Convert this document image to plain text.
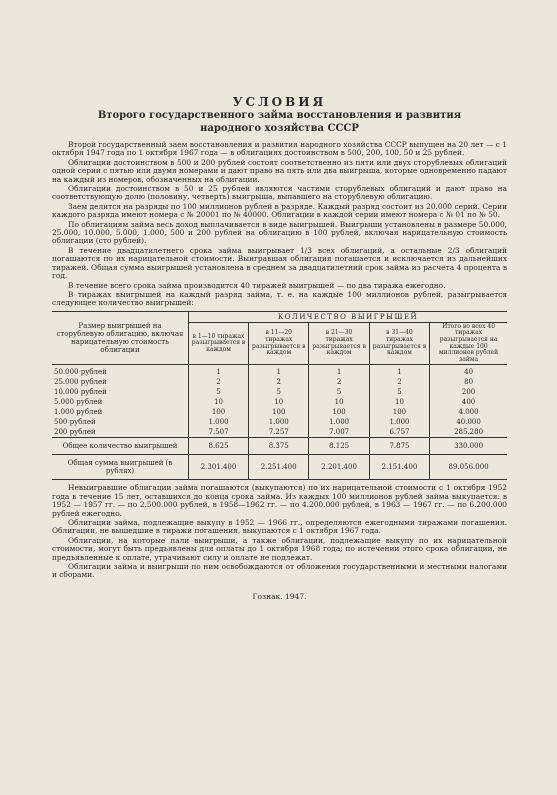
УСЛОВИЯ
Второго государственного займа восстановления и развития
народного хозяйства СССР

Второй государственный заем восстановления и развития народного хозяйства СССР выпущен на 20 лет — с 1 октября 1947 года по 1 октября 1967 года — в облигациях достоинством в 500, 200, 100, 50 и 25 рублей.

Облигации достоинством в 500 и 200 рублей состоят соответственно из пяти или двух сторублевых облигаций одной серии с пятью или двумя номерами и дают право на пять или два выигрыша, которые одновременно падают на каждый из номеров, обозначенных на облигации.

Облигации достоинством в 50 и 25 рублей являются частями сторублевых облигаций и дают право на соответствующую долю (половину, четверть) выигрыша, выпавшего на сторублевую облигацию.

Заем делится на разряды по 100 миллионов рублей в разряде. Каждый разряд состоит из 20.000 серий. Серии каждого разряда имеют номера с № 20001 по № 40000. Облигации в каждой серии имеют номера с № 01 по № 50.

По облигациям займа весь доход выплачивается в виде выигрышей. Выигрыши установлены в размере 50.000, 25.000, 10.000, 5.000, 1.000, 500 и 200 рублей на облигацию в 100 рублей, включая нарицательную стоимость облигации (сто рублей).

В течение двадцатилетнего срока займа выигрывает 1/3 всех облигаций, а остальные 2/3 облигаций погашаются по их нарицательной стоимости. Выигравшая облигация погашается и исключается из дальнейших тиражей. Общая сумма выигрышей установлена в среднем за двадцатилетний срок займа из расчета 4 процента в год.

В течение всего срока займа производится 40 тиражей выигрышей — по два тиража ежегодно.

В тиражах выигрышей на каждый разряд займа, т. е. на каждые 100 миллионов рублей, разыгрывается следующее количество выигрышей:

Размер выигрышей на сторублевую облигацию, включая нарицательную стоимость облигации	КОЛИЧЕСТВО ВЫИГРЫШЕЙ				
	в 1—10 тиражах разыгрывается в каждом	в 11—20 тиражах разыгрывается в каждом	в 21—30 тиражах разыгрывается в каждом	в 31—40 тиражах разыгрывается в каждом	Итого во всех 40 тиражах разыгрывается на каждые 100 миллионов рублей займа
50.000 рублей	1	1	1	1	40
25.000 рублей	2	2	2	2	80
10.000 рублей	5	5	5	5	200
5.000 рублей	10	10	10	10	400
1.000 рублей	100	100	100	100	4.000
500 рублей	1.000	1.000	1.000	1.000	40.000
200 рублей	7.507	7.257	7.007	6.757	285.280
Общее количество выигрышей	8.625	8.375	8.125	7.875	330.000
Общая сумма выигрышей (в рублях)	2.301.400	2.251.400	2.201.400	2.151.400	89.056.000

Невыигравшие облигации займа погашаются (выкупаются) по их нарицательной стоимости с 1 октября 1952 года в течение 15 лет, оставшихся до конца срока займа. Из каждых 100 миллионов рублей займа выкупается: в 1952 — 1957 гг. — по 2.500.000 рублей, в 1958—1962 гг. — по 4.200.000 рублей, в 1963 — 1967 гг. — по 6.200.000 рублей ежегодно.

Облигации займа, подлежащие выкупу в 1952 — 1966 гг., определяются ежегодными тиражами погашения. Облигации, не вышедшие в тиражи погашения, выкупаются с 1 октября 1967 года.

Облигации, на которые пали выигрыши, а также облигации, подлежащие выкупу по их нарицательной стоимости, могут быть предъявлены для оплаты до 1 октября 1968 года; по истечении этого срока облигации, не предъявленные к оплате, утрачивают силу и оплате не подлежат.

Облигации займа и выигрыши по ним освобождаются от обложения государственными и местными налогами и сборами.

Гознак. 1947.
